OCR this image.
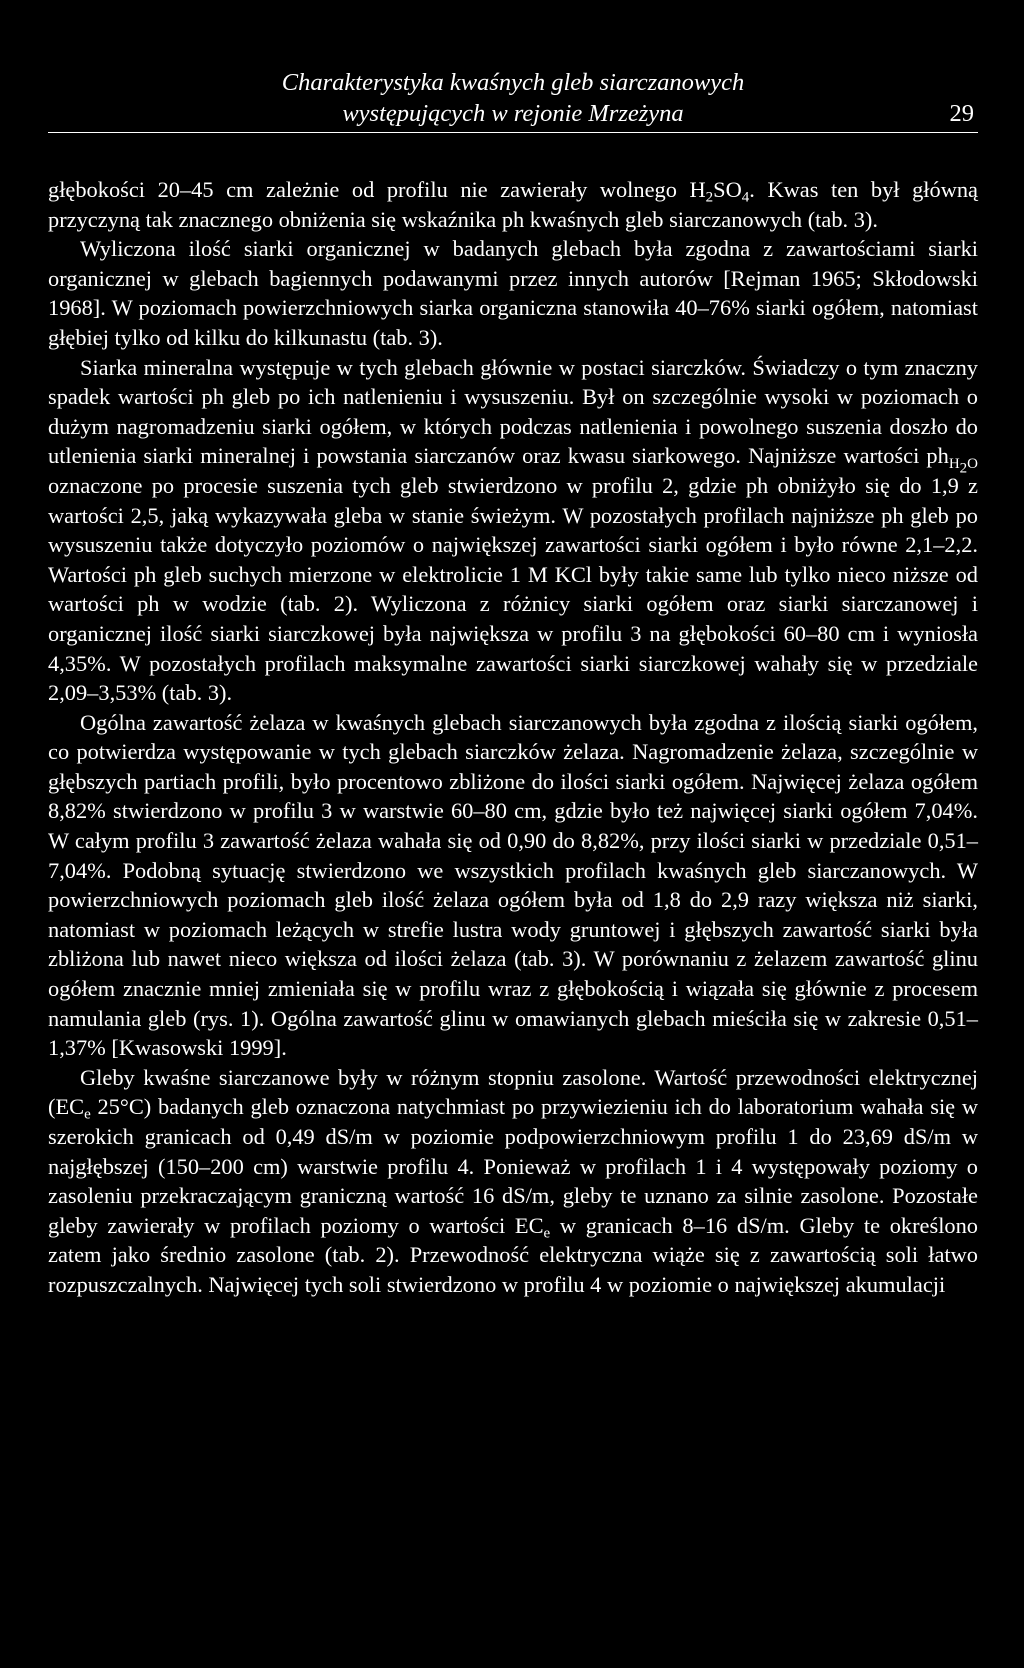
Charakterystyka kwaśnych gleb siarczanowych
występujących w rejonie Mrzeżyna	29

głębokości 20–45 cm zależnie od profilu nie zawierały wolnego $H_2SO_4$. Kwas ten był główną przyczyną tak znacznego obniżenia się wskaźnika ph kwaśnych gleb siarczanowych (tab. 3).

Wyliczona ilość siarki organicznej w badanych glebach była zgodna z zawartościami siarki organicznej w glebach bagiennych podawanymi przez innych autorów [Rejman 1965; Skłodowski 1968]. W poziomach powierzchniowych siarka organiczna stanowiła 40–76% siarki ogółem, natomiast głębiej tylko od kilku do kilkunastu (tab. 3).

Siarka mineralna występuje w tych glebach głównie w postaci siarczków. Świadczy o tym znaczny spadek wartości ph gleb po ich natlenieniu i wysuszeniu. Był on szczególnie wysoki w poziomach o dużym nagromadzeniu siarki ogółem, w których podczas natlenienia i powolnego suszenia doszło do utlenienia siarki mineralnej i powstania siarczanów oraz kwasu siarkowego. Najniższe wartości $ph_{H_2O}$ oznaczone po procesie suszenia tych gleb stwierdzono w profilu 2, gdzie ph obniżyło się do 1,9 z wartości 2,5, jaką wykazywała gleba w stanie świeżym. W pozostałych profilach najniższe ph gleb po wysuszeniu także dotyczyło poziomów o największej zawartości siarki ogółem i było równe 2,1–2,2. Wartości ph gleb suchych mierzone w elektrolicie 1 M KCl były takie same lub tylko nieco niższe od wartości ph w wodzie (tab. 2). Wyliczona z różnicy siarki ogółem oraz siarki siarczanowej i organicznej ilość siarki siarczkowej była największa w profilu 3 na głębokości 60–80 cm i wyniosła 4,35%. W pozostałych profilach maksymalne zawartości siarki siarczkowej wahały się w przedziale 2,09–3,53% (tab. 3).

Ogólna zawartość żelaza w kwaśnych glebach siarczanowych była zgodna z ilością siarki ogółem, co potwierdza występowanie w tych glebach siarczków żelaza. Nagromadzenie żelaza, szczególnie w głębszych partiach profili, było procentowo zbliżone do ilości siarki ogółem. Najwięcej żelaza ogółem 8,82% stwierdzono w profilu 3 w warstwie 60–80 cm, gdzie było też najwięcej siarki ogółem 7,04%. W całym profilu 3 zawartość żelaza wahała się od 0,90 do 8,82%, przy ilości siarki w przedziale 0,51–7,04%. Podobną sytuację stwierdzono we wszystkich profilach kwaśnych gleb siarczanowych. W powierzchniowych poziomach gleb ilość żelaza ogółem była od 1,8 do 2,9 razy większa niż siarki, natomiast w poziomach leżących w strefie lustra wody gruntowej i głębszych zawartość siarki była zbliżona lub nawet nieco większa od ilości żelaza (tab. 3). W porównaniu z żelazem zawartość glinu ogółem znacznie mniej zmieniała się w profilu wraz z głębokością i wiązała się głównie z procesem namulania gleb (rys. 1). Ogólna zawartość glinu w omawianych glebach mieściła się w zakresie 0,51–1,37% [Kwasowski 1999].

Gleby kwaśne siarczanowe były w różnym stopniu zasolone. Wartość przewodności elektrycznej ($EC_e$ 25°C) badanych gleb oznaczona natychmiast po przywiezieniu ich do laboratorium wahała się w szerokich granicach od 0,49 dS/m w poziomie podpowierzchniowym profilu 1 do 23,69 dS/m w najgłębszej (150–200 cm) warstwie profilu 4. Ponieważ w profilach 1 i 4 występowały poziomy o zasoleniu przekraczającym graniczną wartość 16 dS/m, gleby te uznano za silnie zasolone. Pozostałe gleby zawierały w profilach poziomy o wartości $EC_e$ w granicach 8–16 dS/m. Gleby te określono zatem jako średnio zasolone (tab. 2). Przewodność elektryczna wiąże się z zawartością soli łatwo rozpuszczalnych. Najwięcej tych soli stwierdzono w profilu 4 w poziomie o największej akumulacji
